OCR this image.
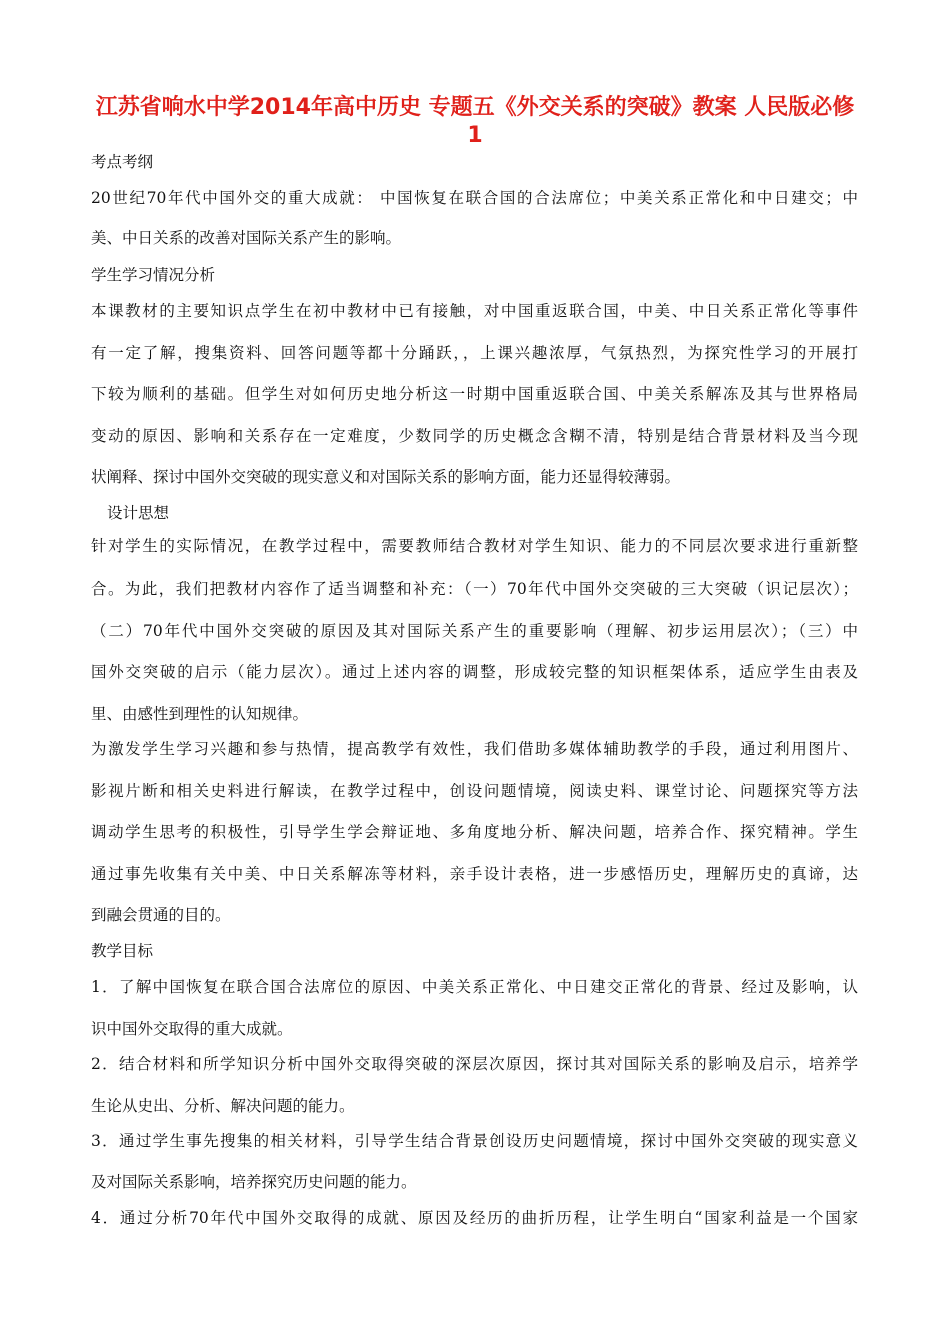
江苏省响水中学2014年高中历史 专题五《外交关系的突破》教案 人民版必修
1
考点考纲
20世纪70年代中国外交的重大成就： 中国恢复在联合国的合法席位；中美关系正常化和中日建交；中
美、中日关系的改善对国际关系产生的影响。
学生学习情况分析
本课教材的主要知识点学生在初中教材中已有接触，对中国重返联合国，中美、中日关系正常化等事件
有一定了解，搜集资料、回答问题等都十分踊跃，，上课兴趣浓厚，气氛热烈，为探究性学习的开展打
下较为顺利的基础。但学生对如何历史地分析这一时期中国重返联合国、中美关系解冻及其与世界格局
变动的原因、影响和关系存在一定难度，少数同学的历史概念含糊不清，特别是结合背景材料及当今现
状阐释、探讨中国外交突破的现实意义和对国际关系的影响方面，能力还显得较薄弱。
设计思想
针对学生的实际情况，在教学过程中，需要教师结合教材对学生知识、能力的不同层次要求进行重新整
合。为此，我们把教材内容作了适当调整和补充：（一）70年代中国外交突破的三大突破（识记层次）；
（二）70年代中国外交突破的原因及其对国际关系产生的重要影响（理解、初步运用层次）；（三）中
国外交突破的启示（能力层次）。通过上述内容的调整，形成较完整的知识框架体系，适应学生由表及
里、由感性到理性的认知规律。
为激发学生学习兴趣和参与热情，提高教学有效性，我们借助多媒体辅助教学的手段，通过利用图片、
影视片断和相关史料进行解读，在教学过程中，创设问题情境，阅读史料、课堂讨论、问题探究等方法
调动学生思考的积极性，引导学生学会辩证地、多角度地分析、解决问题，培养合作、探究精神。学生
通过事先收集有关中美、中日关系解冻等材料，亲手设计表格，进一步感悟历史，理解历史的真谛，达
到融会贯通的目的。
教学目标
1．了解中国恢复在联合国合法席位的原因、中美关系正常化、中日建交正常化的背景、经过及影响，认
识中国外交取得的重大成就。
2．结合材料和所学知识分析中国外交取得突破的深层次原因，探讨其对国际关系的影响及启示，培养学
生论从史出、分析、解决问题的能力。
3．通过学生事先搜集的相关材料，引导学生结合背景创设历史问题情境，探讨中国外交突破的现实意义
及对国际关系影响，培养探究历史问题的能力。
4．通过分析70年代中国外交取得的成就、原因及经历的曲折历程，让学生明白“国家利益是一个国家
